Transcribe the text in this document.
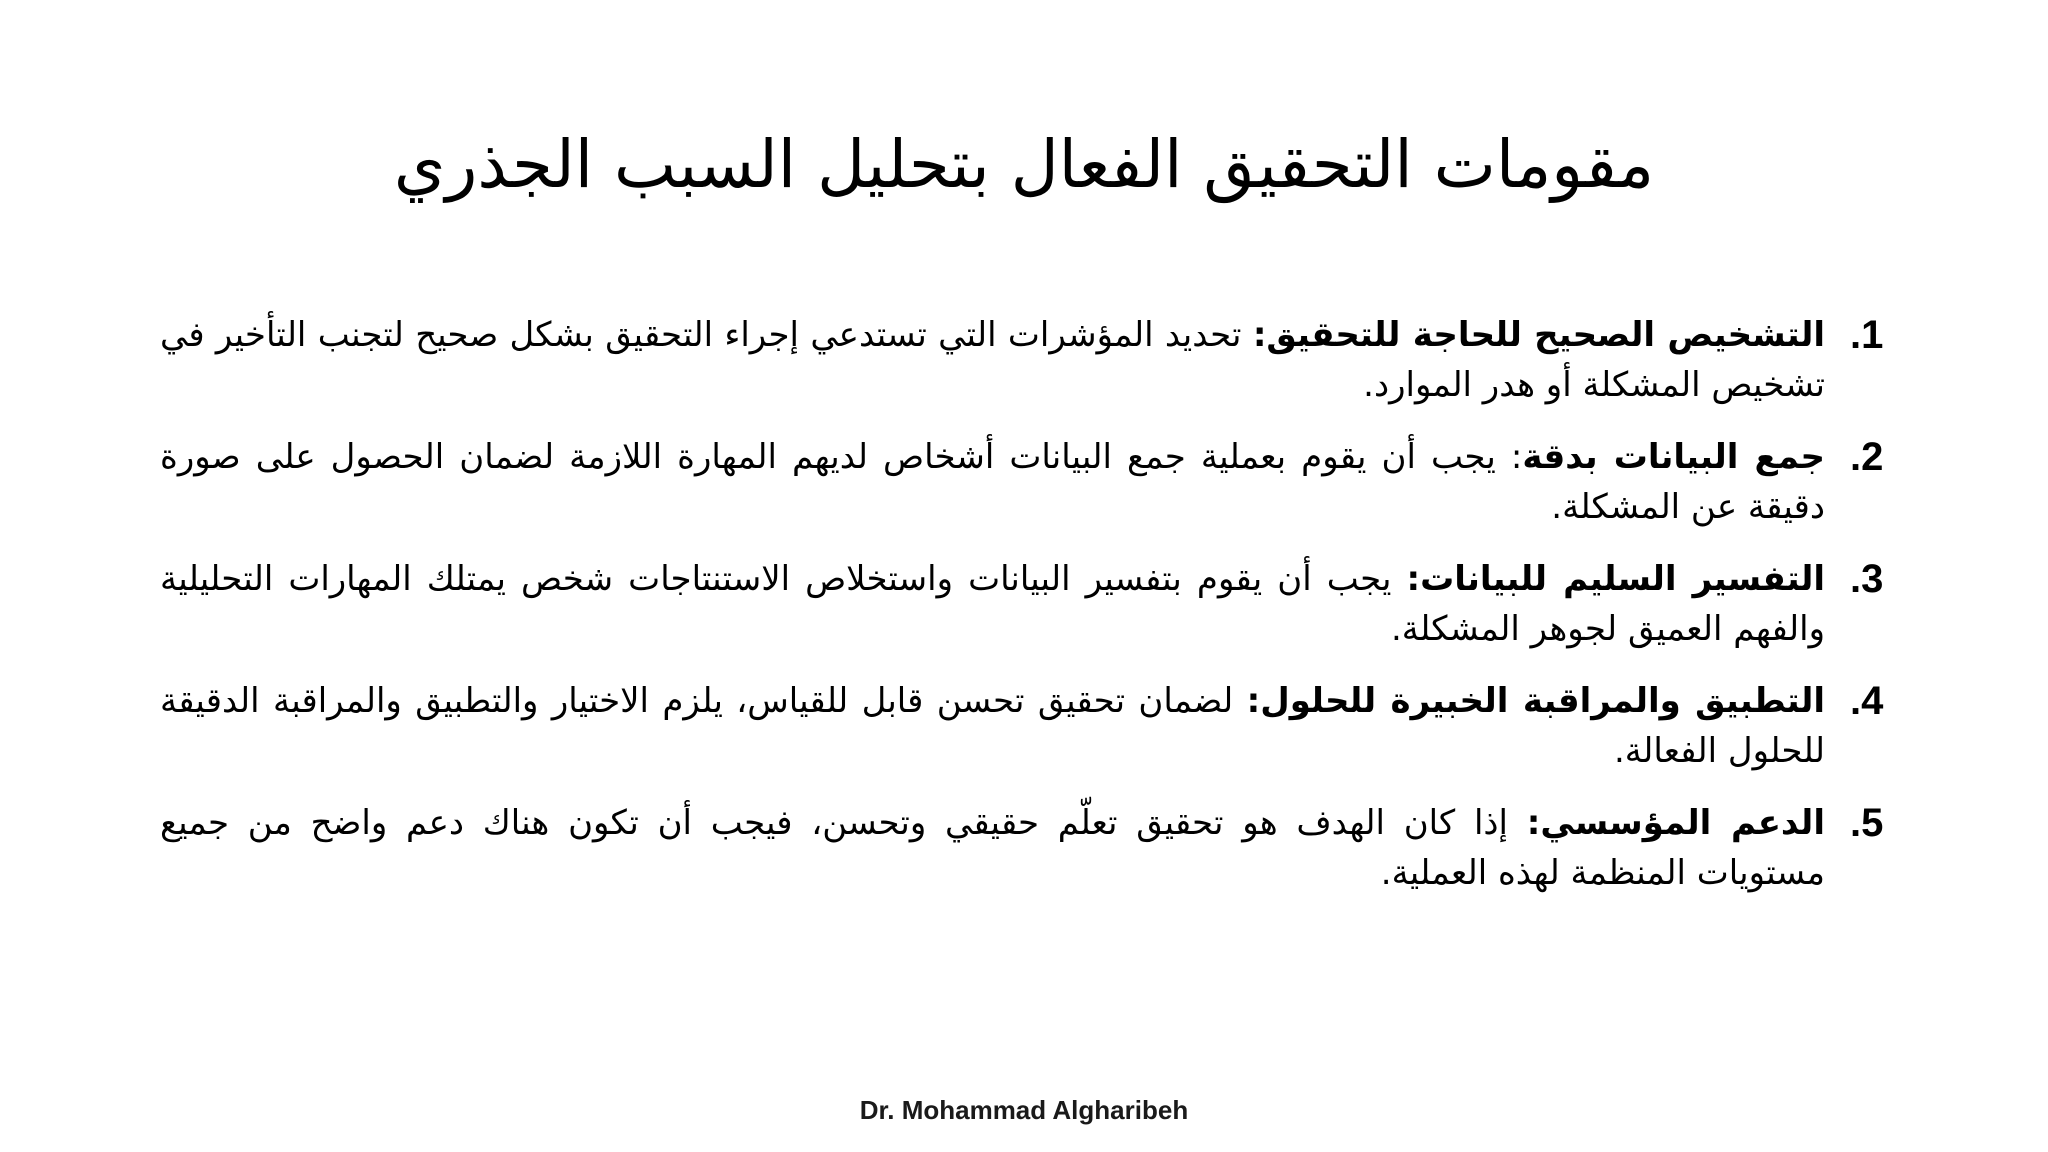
مقومات التحقيق الفعال بتحليل السبب الجذري
.1
التشخيص الصحيح للحاجة للتحقيق: تحديد المؤشرات التي تستدعي إجراء التحقيق بشكل صحيح لتجنب التأخير في تشخيص المشكلة أو هدر الموارد.
.2
جمع البيانات بدقة: يجب أن يقوم بعملية جمع البيانات أشخاص لديهم المهارة اللازمة لضمان الحصول على صورة دقيقة عن المشكلة.
.3
التفسير السليم للبيانات: يجب أن يقوم بتفسير البيانات واستخلاص الاستنتاجات شخص يمتلك المهارات التحليلية والفهم العميق لجوهر المشكلة.
.4
التطبيق والمراقبة الخبيرة للحلول: لضمان تحقيق تحسن قابل للقياس، يلزم الاختيار والتطبيق والمراقبة الدقيقة للحلول الفعالة.
.5
الدعم المؤسسي: إذا كان الهدف هو تحقيق تعلّم حقيقي وتحسن، فيجب أن تكون هناك دعم واضح من جميع مستويات المنظمة لهذه العملية.
Dr. Mohammad Algharibeh
